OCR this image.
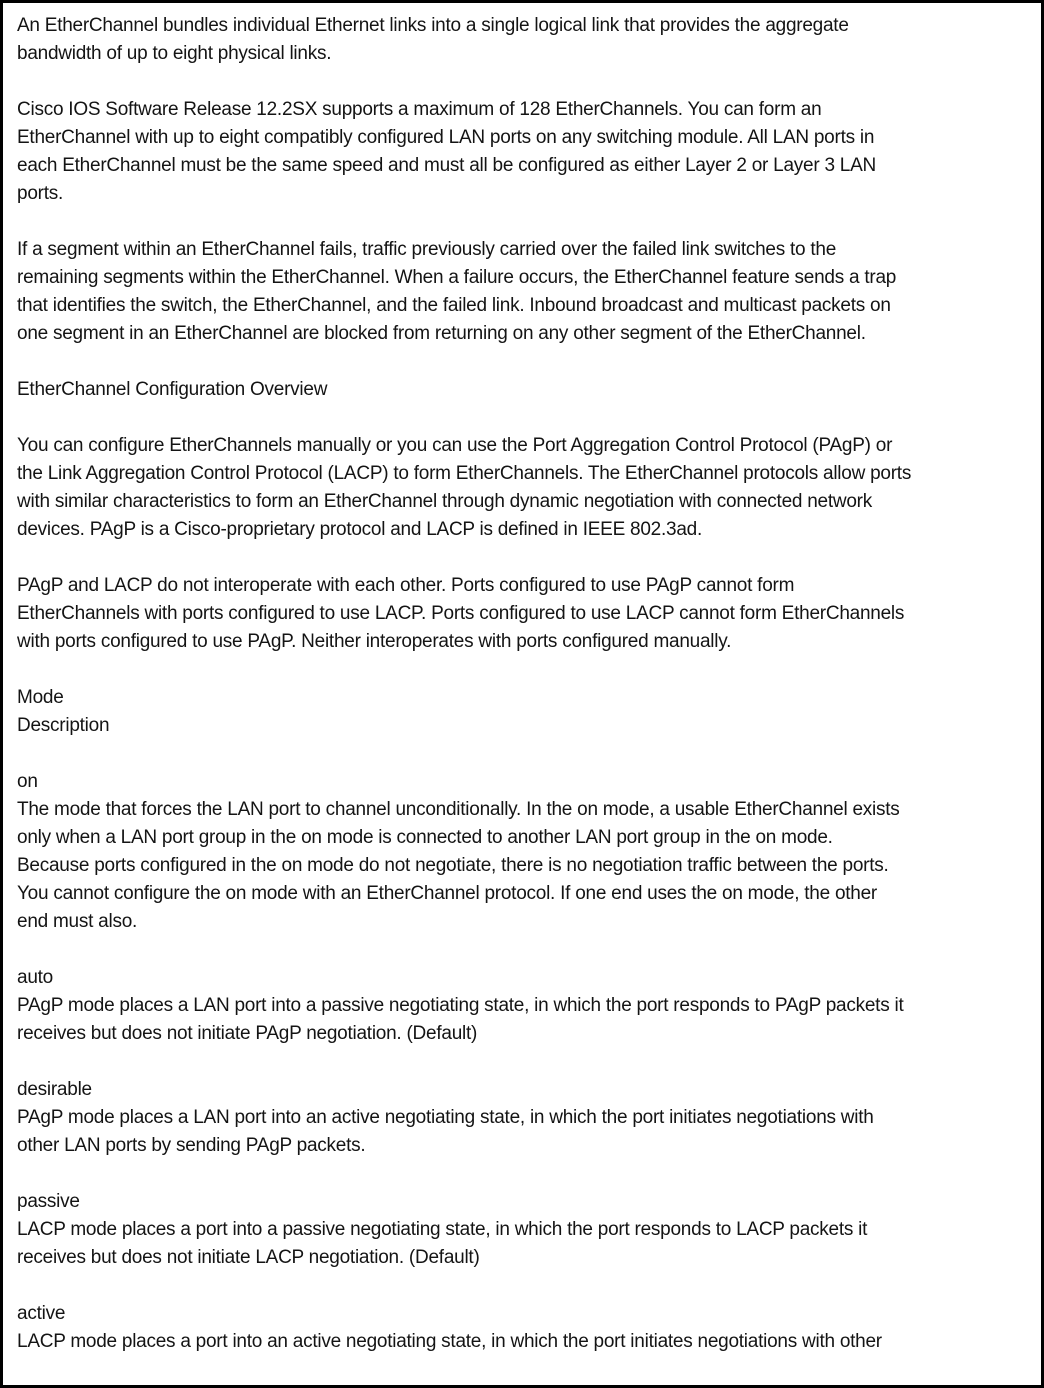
An EtherChannel bundles individual Ethernet links into a single logical link that provides the aggregate
bandwidth of up to eight physical links.
Cisco IOS Software Release 12.2SX supports a maximum of 128 EtherChannels. You can form an
EtherChannel with up to eight compatibly configured LAN ports on any switching module. All LAN ports in
each EtherChannel must be the same speed and must all be configured as either Layer 2 or Layer 3 LAN
ports.
If a segment within an EtherChannel fails, traffic previously carried over the failed link switches to the
remaining segments within the EtherChannel. When a failure occurs, the EtherChannel feature sends a trap
that identifies the switch, the EtherChannel, and the failed link. Inbound broadcast and multicast packets on
one segment in an EtherChannel are blocked from returning on any other segment of the EtherChannel.
EtherChannel Configuration Overview
You can configure EtherChannels manually or you can use the Port Aggregation Control Protocol (PAgP) or
the Link Aggregation Control Protocol (LACP) to form EtherChannels. The EtherChannel protocols allow ports
with similar characteristics to form an EtherChannel through dynamic negotiation with connected network
devices. PAgP is a Cisco-proprietary protocol and LACP is defined in IEEE 802.3ad.
PAgP and LACP do not interoperate with each other. Ports configured to use PAgP cannot form
EtherChannels with ports configured to use LACP. Ports configured to use LACP cannot form EtherChannels
with ports configured to use PAgP. Neither interoperates with ports configured manually.
Mode
Description
on
The mode that forces the LAN port to channel unconditionally. In the on mode, a usable EtherChannel exists
only when a LAN port group in the on mode is connected to another LAN port group in the on mode.
Because ports configured in the on mode do not negotiate, there is no negotiation traffic between the ports.
You cannot configure the on mode with an EtherChannel protocol. If one end uses the on mode, the other
end must also.
auto
PAgP mode places a LAN port into a passive negotiating state, in which the port responds to PAgP packets it
receives but does not initiate PAgP negotiation. (Default)
desirable
PAgP mode places a LAN port into an active negotiating state, in which the port initiates negotiations with
other LAN ports by sending PAgP packets.
passive
LACP mode places a port into a passive negotiating state, in which the port responds to LACP packets it
receives but does not initiate LACP negotiation. (Default)
active
LACP mode places a port into an active negotiating state, in which the port initiates negotiations with other
